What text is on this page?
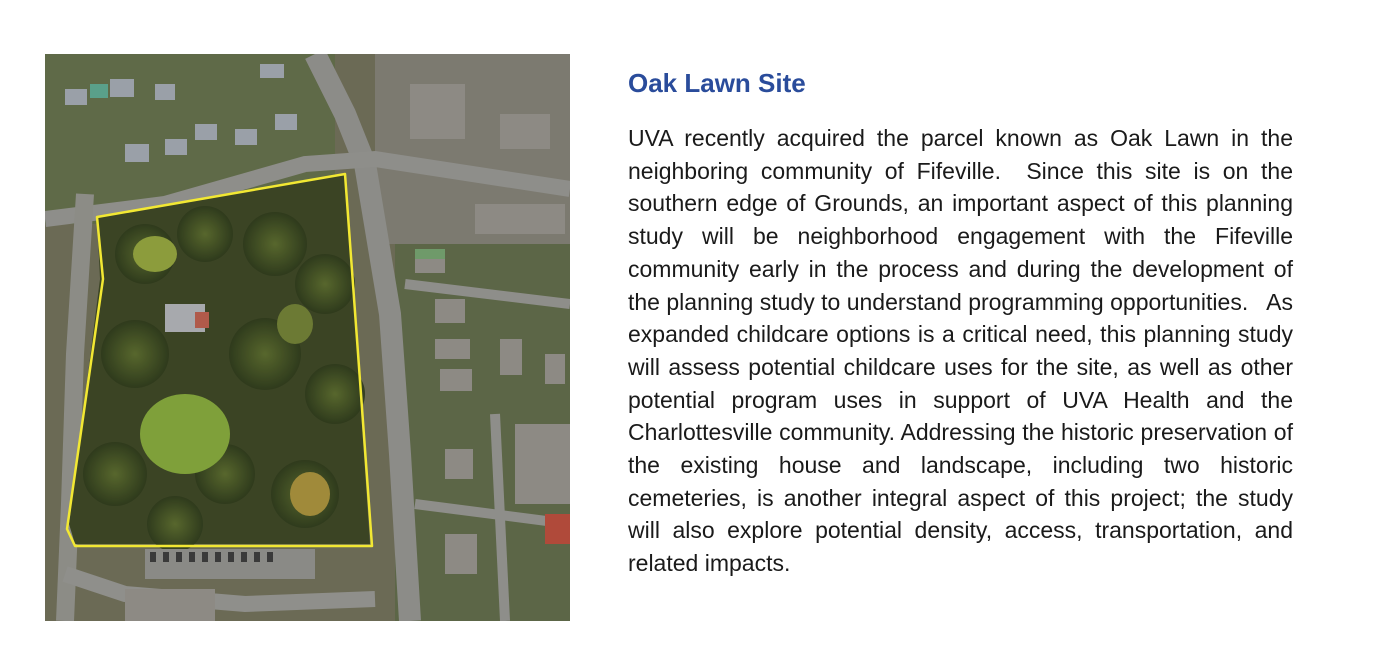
Oak Lawn Site

UVA recently acquired the parcel known as Oak Lawn in the neighboring community of Fifeville.  Since this site is on the southern edge of Grounds, an important aspect of this planning study will be neighborhood engagement with the Fifeville community early in the process and during the development of the planning study to understand programming opportunities.   As expanded childcare options is a critical need, this planning study will assess potential childcare uses for the site, as well as other potential program uses in support of UVA Health and the Charlottesville community. Addressing the historic preservation of the existing house and landscape, including two historic cemeteries, is another integral aspect of this project; the study will also explore potential density, access, transportation, and related impacts.
